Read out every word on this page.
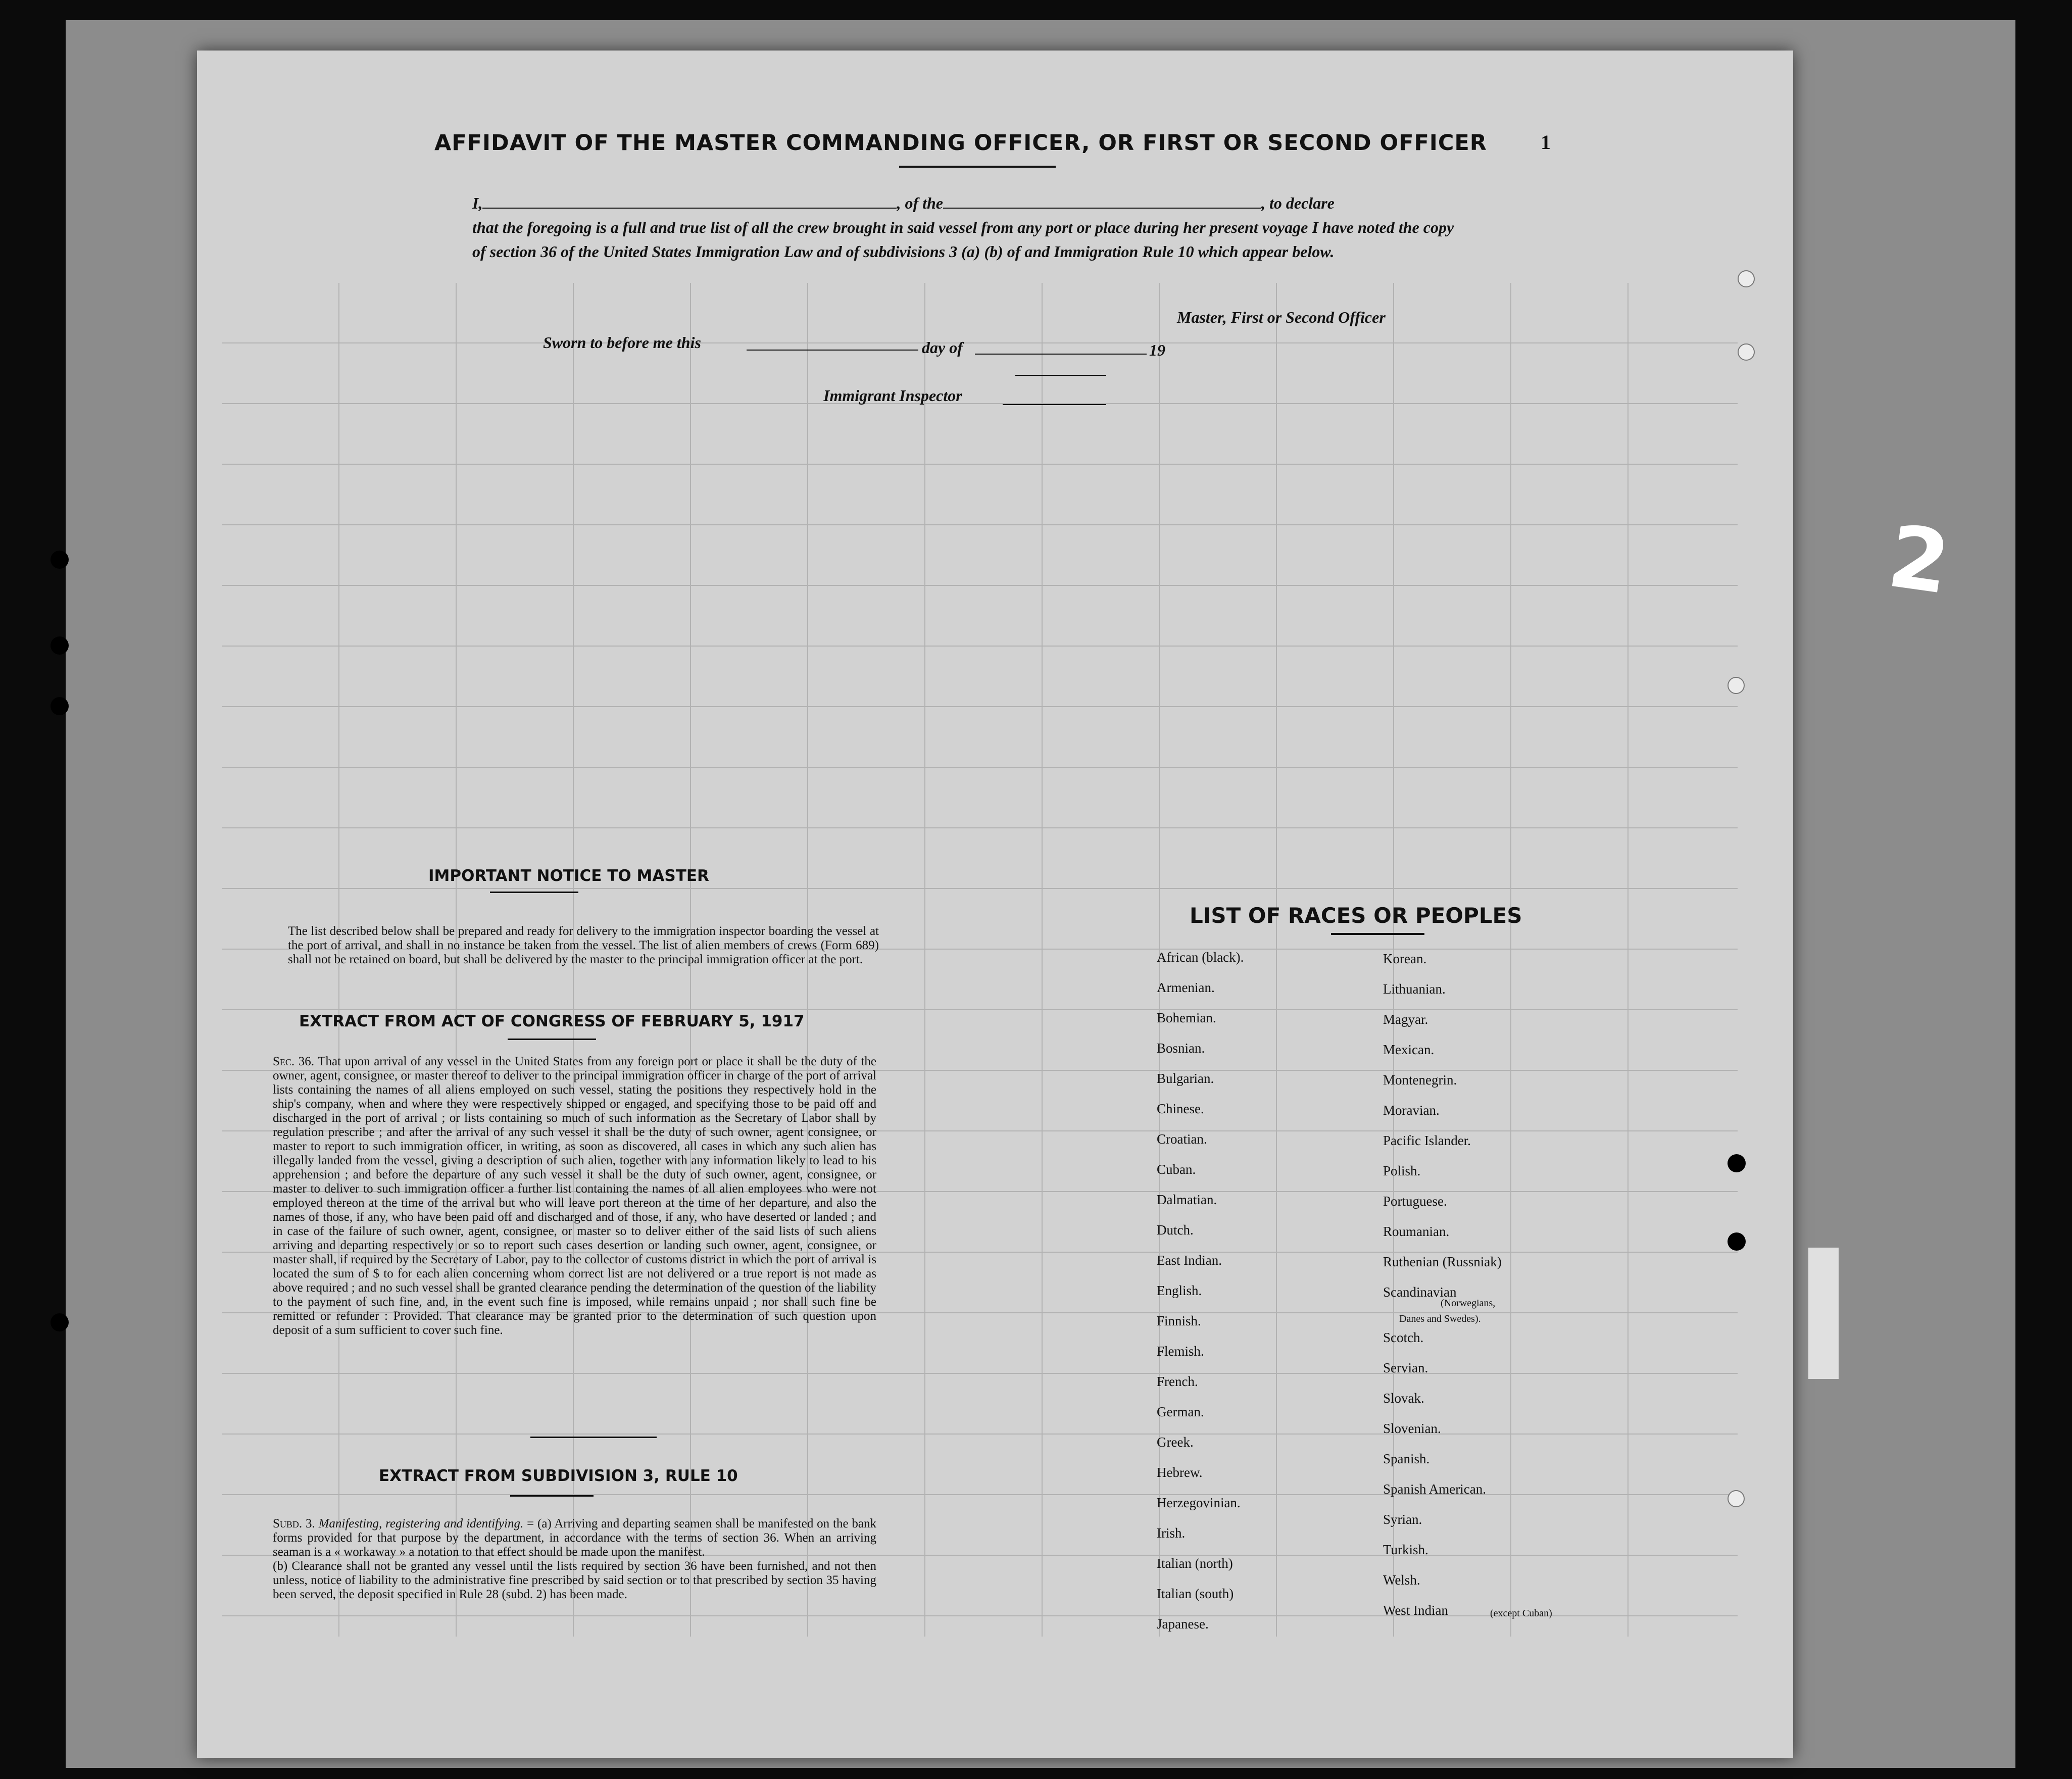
2
AFFIDAVIT OF THE MASTER COMMANDING OFFICER, OR FIRST OR SECOND OFFICER	1
I,	, of the	, to declare
that the foregoing is a full and true list of all the crew brought in said vessel from any port or place during her present voyage I have noted the copy of section 36 of the United States Immigration Law and of subdivisions 3 (a) (b) of and Immigration Rule 10 which appear below.
Master, First or Second Officer
Sworn to before me this	day of	19
Immigrant Inspector
IMPORTANT NOTICE TO MASTER
The list described below shall be prepared and ready for delivery to the immigration inspector boarding the vessel at the port of arrival, and shall in no instance be taken from the vessel. The list of alien members of crews (Form 689) shall not be retained on board, but shall be delivered by the master to the principal immigration officer at the port.
EXTRACT FROM ACT OF CONGRESS OF FEBRUARY 5, 1917
Sec. 36. That upon arrival of any vessel in the United States from any foreign port or place it shall be the duty of the owner, agent, consignee, or master thereof to deliver to the principal immigration officer in charge of the port of arrival lists containing the names of all aliens employed on such vessel, stating the positions they respectively hold in the ship's company, when and where they were respectively shipped or engaged, and specifying those to be paid off and discharged in the port of arrival ; or lists containing so much of such information as the Secretary of Labor shall by regulation prescribe ; and after the arrival of any such vessel it shall be the duty of such owner, agent consignee, or master to report to such immigration officer, in writing, as soon as discovered, all cases in which any such alien has illegally landed from the vessel, giving a description of such alien, together with any information likely to lead to his apprehension ; and before the departure of any such vessel it shall be the duty of such owner, agent, consignee, or master to deliver to such immigration officer a further list containing the names of all alien employees who were not employed thereon at the time of the arrival but who will leave port thereon at the time of her departure, and also the names of those, if any, who have been paid off and discharged and of those, if any, who have deserted or landed ; and in case of the failure of such owner, agent, consignee, or master so to deliver either of the said lists of such aliens arriving and departing respectively or so to report such cases desertion or landing such owner, agent, consignee, or master shall, if required by the Secretary of Labor, pay to the collector of customs district in which the port of arrival is located the sum of $ to for each alien concerning whom correct list are not delivered or a true report is not made as above required ; and no such vessel shall be granted clearance pending the determination of the question of the liability to the payment of such fine, and, in the event such fine is imposed, while remains unpaid ; nor shall such fine be remitted or refunder : Provided. That clearance may be granted prior to the determination of such question upon deposit of a sum sufficient to cover such fine.
EXTRACT FROM SUBDIVISION 3, RULE 10
Subd. 3. Manifesting, registering and identifying. = (a) Arriving and departing seamen shall be manifested on the bank forms provided for that purpose by the department, in accordance with the terms of section 36. When an arriving seaman is a « workaway » a notation to that effect should be made upon the manifest.
(b) Clearance shall not be granted any vessel until the lists required by section 36 have been furnished, and not then unless, notice of liability to the administrative fine prescribed by said section or to that prescribed by section 35 having been served, the deposit specified in Rule 28 (subd. 2) has been made.
LIST OF RACES OR PEOPLES
(Norwegians,
Danes and Swedes).
(except Cuban)
African (black).
Armenian.
Bohemian.
Bosnian.
Bulgarian.
Chinese.
Croatian.
Cuban.
Dalmatian.
Dutch.
East Indian.
English.
Finnish.
Flemish.
French.
German.
Greek.
Hebrew.
Herzegovinian.
Irish.
Italian (north)
Italian (south)
Japanese.
Korean.
Lithuanian.
Magyar.
Mexican.
Montenegrin.
Moravian.
Pacific Islander.
Polish.
Portuguese.
Roumanian.
Ruthenian (Russniak)
Scandinavian
Scotch.
Servian.
Slovak.
Slovenian.
Spanish.
Spanish American.
Syrian.
Turkish.
Welsh.
West Indian
